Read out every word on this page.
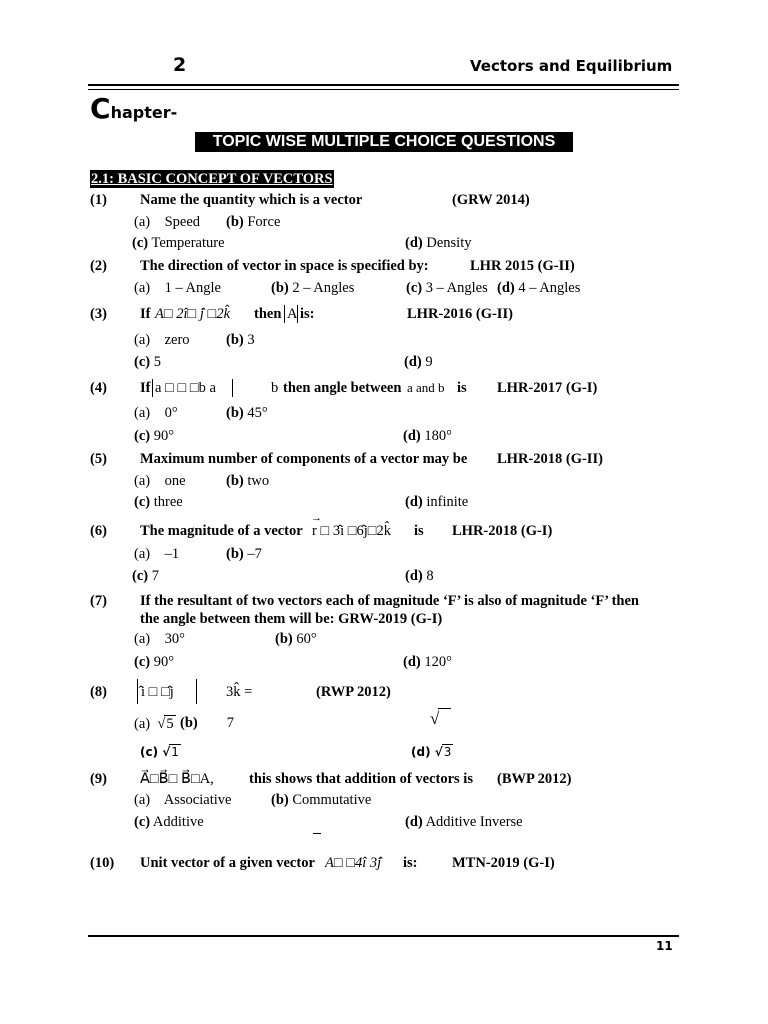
2	Vectors and Equilibrium
Chapter-
TOPIC WISE MULTIPLE CHOICE QUESTIONS
2.1: BASIC CONCEPT OF VECTORS
(1) Name the quantity which is a vector	(GRW 2014)
(a) Speed (b) Force
(c) Temperature	(d) Density
(2) The direction of vector in space is specified by:	LHR 2015 (G-II)
(a) 1 – Angle	(b) 2 – Angles	(c) 3 – Angles (d) 4 – Angles
(3) If A□ 2î□ ̂j □2k̂ then A is:	LHR-2016 (G-II)
(a) zero	(b) 3
(c) 5	(d) 9
(4) If a □ □ □b a	b then angle between a and b is LHR-2017 (G-I)
(a) 0°	(b) 45°
(c) 90°	(d) 180°
(5) Maximum number of components of a vector may be LHR-2018 (G-II)
(a) one	(b) two
(c) three	(d) infinite
(6) The magnitude of a vector
→
r □ 3̂i □6̂j□2k̂ is LHR-2018 (G-I)
(a) –1	(b) –7
(c) 7	(d) 8
(7) If the resultant of two vectors each of magnitude ‘F’ is also of magnitude ‘F’ then
the angle between them will be: GRW-2019 (G-I)
(a) 30°	(b) 60°
(c) 90°	(d) 120°
(8) ̂i □ □̂j	3k̂ =	(RWP 2012)
(a)  √5 (b) 7	√
(c) √1	(d) √3
(9) A⃗□B⃗□ B⃗□A, this shows that addition of vectors is (BWP 2012)
(a) Associative	(b) Commutative
(c) Additive	(d) Additive Inverse
(10) Unit vector of a given vector A□ □4î 3̂j is: MTN-2019 (G-I)
11
